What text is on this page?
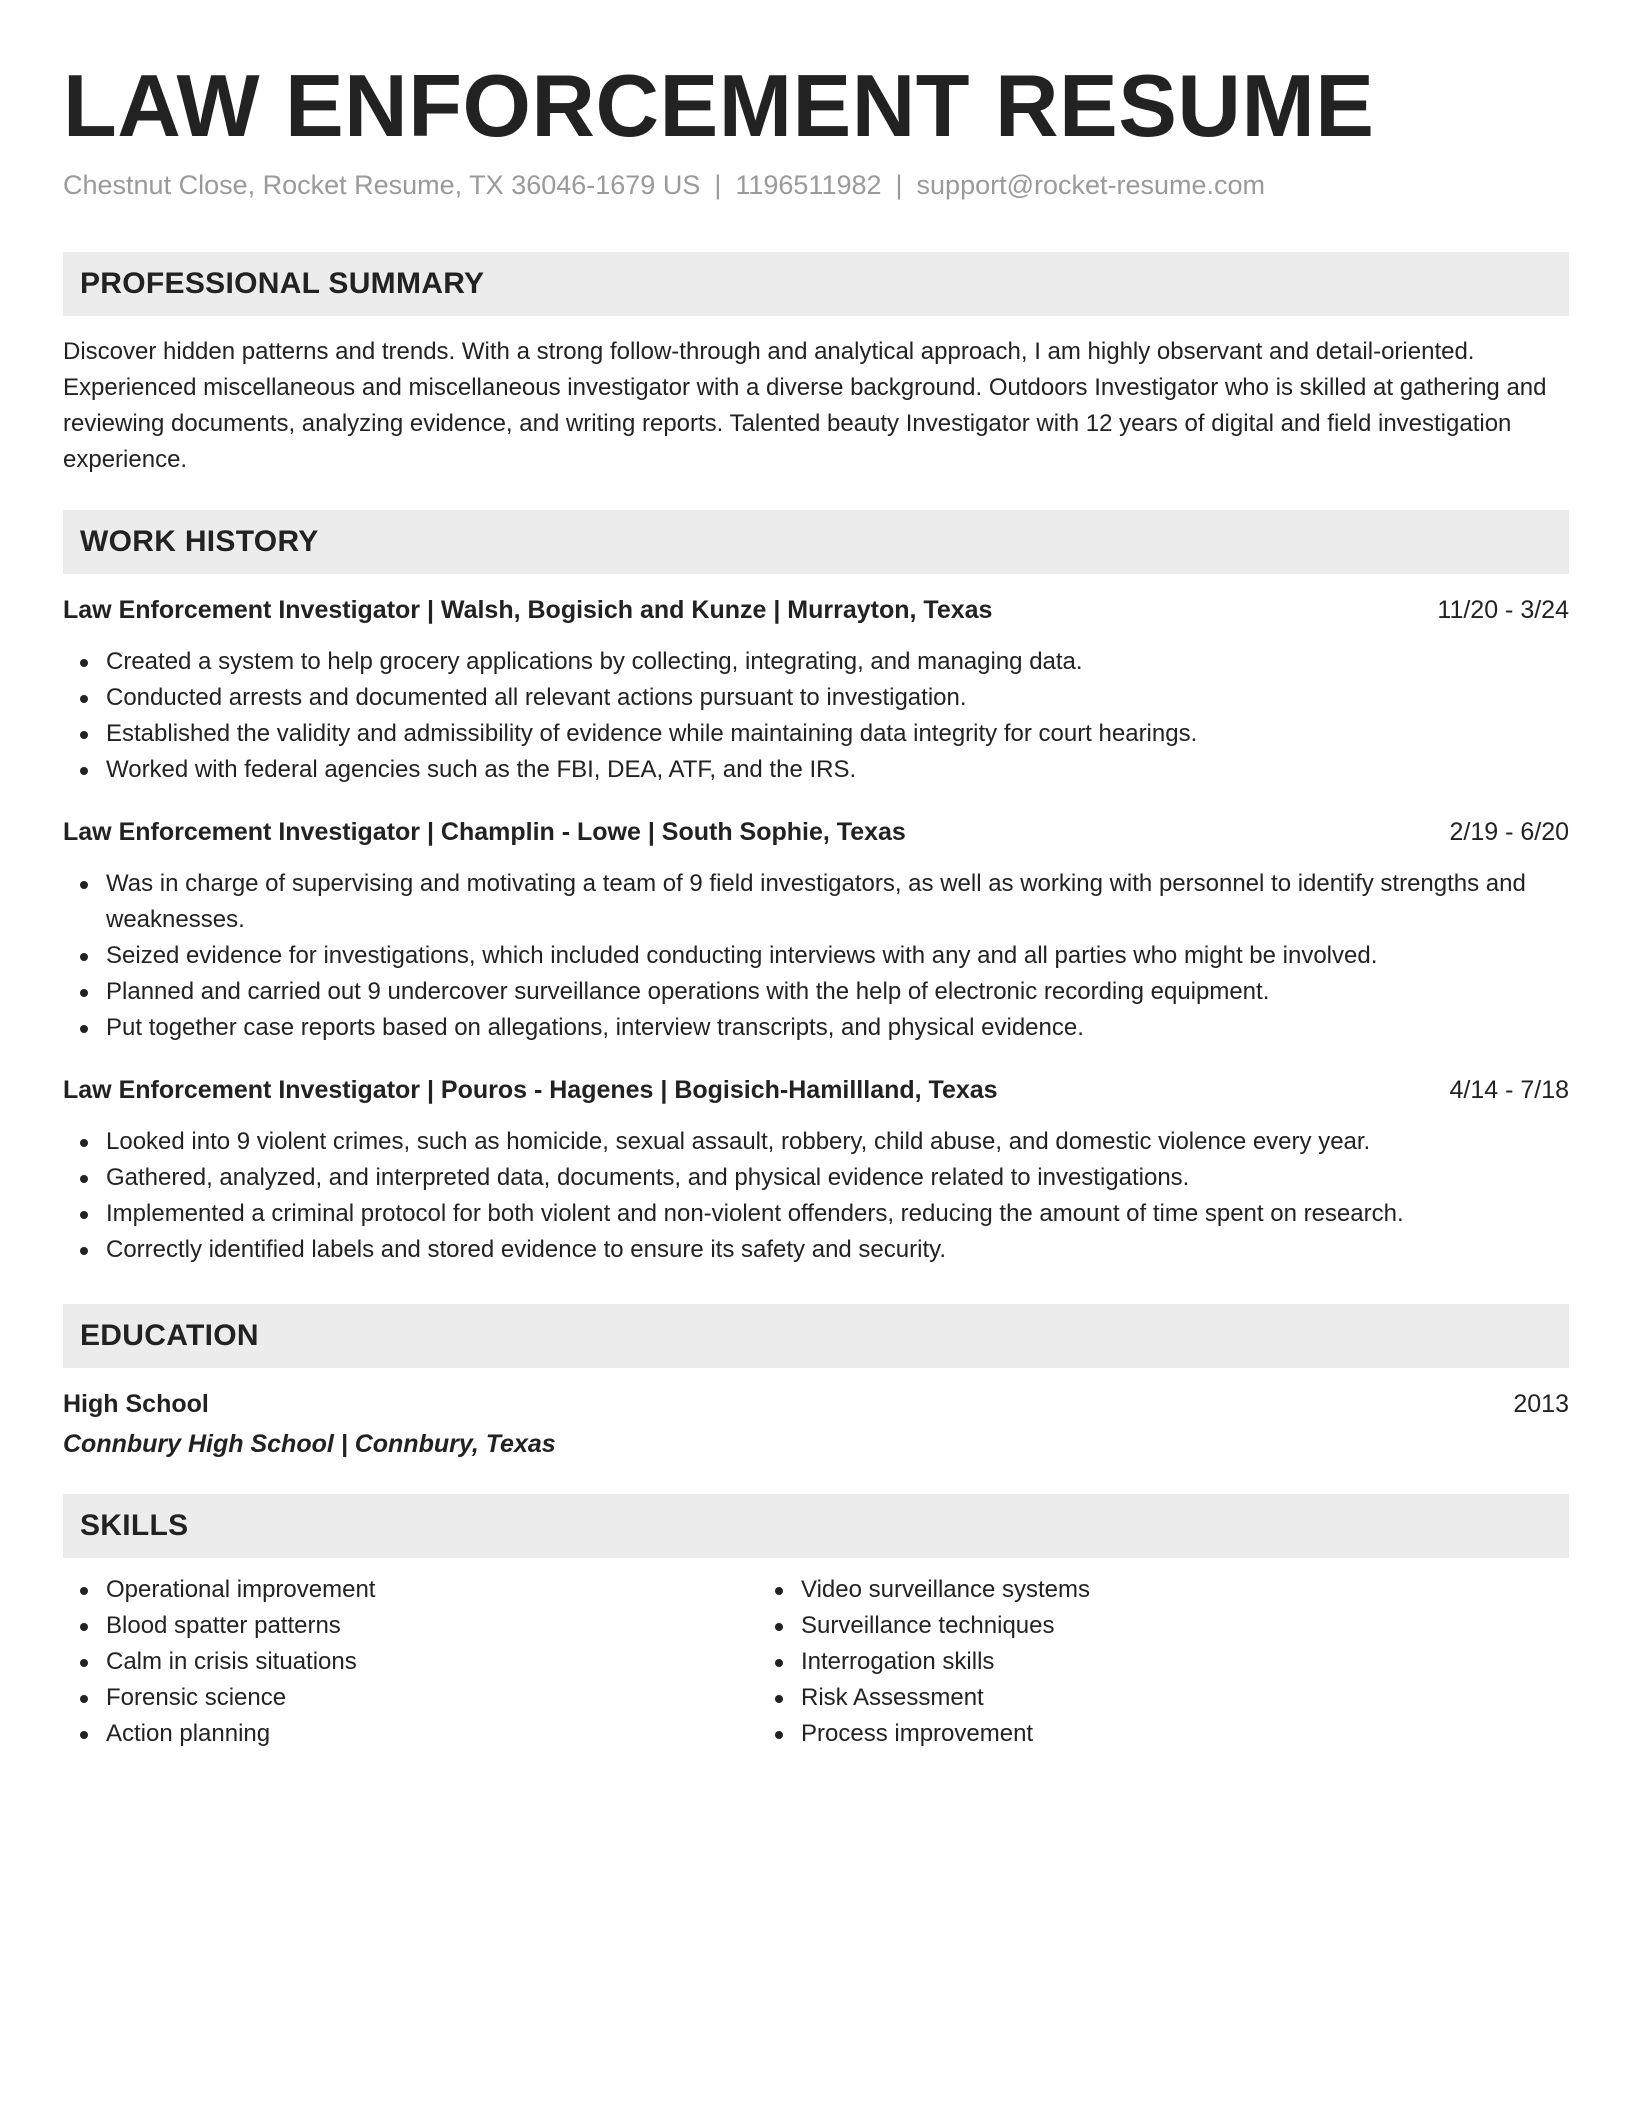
LAW ENFORCEMENT RESUME
Chestnut Close, Rocket Resume, TX 36046-1679 US | 1196511982 | support@rocket-resume.com
PROFESSIONAL SUMMARY
Discover hidden patterns and trends. With a strong follow-through and analytical approach, I am highly observant and detail-oriented. Experienced miscellaneous and miscellaneous investigator with a diverse background. Outdoors Investigator who is skilled at gathering and reviewing documents, analyzing evidence, and writing reports. Talented beauty Investigator with 12 years of digital and field investigation experience.
WORK HISTORY
Law Enforcement Investigator | Walsh, Bogisich and Kunze | Murrayton, Texas	11/20 - 3/24
Created a system to help grocery applications by collecting, integrating, and managing data.
Conducted arrests and documented all relevant actions pursuant to investigation.
Established the validity and admissibility of evidence while maintaining data integrity for court hearings.
Worked with federal agencies such as the FBI, DEA, ATF, and the IRS.
Law Enforcement Investigator | Champlin - Lowe | South Sophie, Texas	2/19 - 6/20
Was in charge of supervising and motivating a team of 9 field investigators, as well as working with personnel to identify strengths and weaknesses.
Seized evidence for investigations, which included conducting interviews with any and all parties who might be involved.
Planned and carried out 9 undercover surveillance operations with the help of electronic recording equipment.
Put together case reports based on allegations, interview transcripts, and physical evidence.
Law Enforcement Investigator | Pouros - Hagenes | Bogisich-Hamillland, Texas	4/14 - 7/18
Looked into 9 violent crimes, such as homicide, sexual assault, robbery, child abuse, and domestic violence every year.
Gathered, analyzed, and interpreted data, documents, and physical evidence related to investigations.
Implemented a criminal protocol for both violent and non-violent offenders, reducing the amount of time spent on research.
Correctly identified labels and stored evidence to ensure its safety and security.
EDUCATION
High School	2013
Connbury High School | Connbury, Texas
SKILLS
Operational improvement
Blood spatter patterns
Calm in crisis situations
Forensic science
Action planning
Video surveillance systems
Surveillance techniques
Interrogation skills
Risk Assessment
Process improvement
